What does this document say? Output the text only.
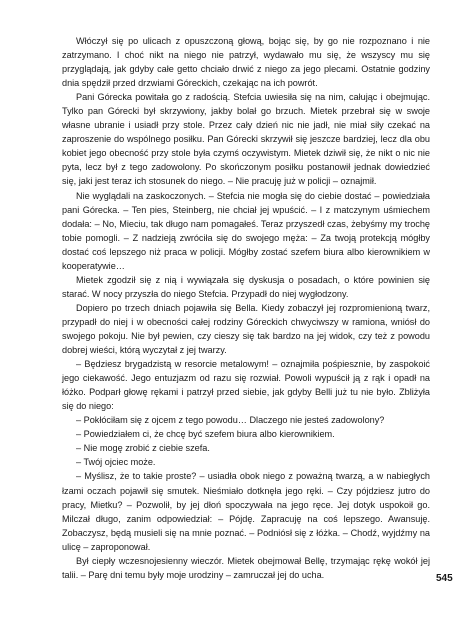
Włóczył się po ulicach z opuszczoną głową, bojąc się, by go nie rozpoznano i nie zatrzymano. I choć nikt na niego nie patrzył, wydawało mu się, że wszyscy mu się przyglądają, jak gdyby całe getto chciało drwić z niego za jego plecami. Ostatnie godziny dnia spędził przed drzwiami Góreckich, czekając na ich powrót.

Pani Górecka powitała go z radością. Stefcia uwiesiła się na nim, całując i obejmując. Tylko pan Górecki był skrzywiony, jakby bolał go brzuch. Mietek przebrał się w swoje własne ubranie i usiadł przy stole. Przez cały dzień nic nie jadł, nie miał siły czekać na zaproszenie do wspólnego posiłku. Pan Górecki skrzywił się jeszcze bardziej, lecz dla obu kobiet jego obecność przy stole była czymś oczywistym. Mietek dziwił się, że nikt o nic nie pyta, lecz był z tego zadowolony. Po skończonym posiłku postanowił jednak dowiedzieć się, jaki jest teraz ich stosunek do niego. – Nie pracuję już w policji – oznajmił.

Nie wyglądali na zaskoczonych. – Stefcia nie mogła się do ciebie dostać – powiedziała pani Górecka. – Ten pies, Steinberg, nie chciał jej wpuścić. – I z matczynym uśmiechem dodała: – No, Mieciu, tak długo nam pomagałeś. Teraz przyszedł czas, żebyśmy my trochę tobie pomogli. – Z nadzieją zwróciła się do swojego męża: – Za twoją protekcją mógłby dostać coś lepszego niż praca w policji. Mógłby zostać szefem biura albo kierownikiem w kooperatywie…

Mietek zgodził się z nią i wywiązała się dyskusja o posadach, o które powinien się starać. W nocy przyszła do niego Stefcia. Przypadł do niej wygłodzony.

Dopiero po trzech dniach pojawiła się Bella. Kiedy zobaczył jej rozpromienioną twarz, przypadł do niej i w obecności całej rodziny Góreckich chwyciwszy w ramiona, wniósł do swojego pokoju. Nie był pewien, czy cieszy się tak bardzo na jej widok, czy też z powodu dobrej wieści, którą wyczytał z jej twarzy.

– Będziesz brygadzistą w resorcie metalowym! – oznajmiła pośpiesznie, by zaspokoić jego ciekawość. Jego entuzjazm od razu się rozwiał. Powoli wypuścił ją z rąk i opadł na łóżko. Podparł głowę rękami i patrzył przed siebie, jak gdyby Belli już tu nie było. Zbliżyła się do niego:

– Pokłóciłam się z ojcem z tego powodu… Dlaczego nie jesteś zadowolony?

– Powiedziałem ci, że chcę być szefem biura albo kierownikiem.

– Nie mogę zrobić z ciebie szefa.

– Twój ojciec może.

– Myślisz, że to takie proste? – usiadła obok niego z poważną twarzą, a w nabiegłych łzami oczach pojawił się smutek. Nieśmiało dotknęła jego ręki. – Czy pójdziesz jutro do pracy, Mietku? – Pozwolił, by jej dłoń spoczywała na jego ręce. Jej dotyk uspokoił go. Milczał długo, zanim odpowiedział: – Pójdę. Zapracuję na coś lepszego. Awansuję. Zobaczysz, będą musieli się na mnie poznać. – Podniósł się z łóżka. – Chodź, wyjdźmy na ulicę – zaproponował.

Był ciepły wczesnojesienny wieczór. Mietek obejmował Bellę, trzymając rękę wokół jej talii. – Parę dni temu były moje urodziny – zamruczał jej do ucha.	545
